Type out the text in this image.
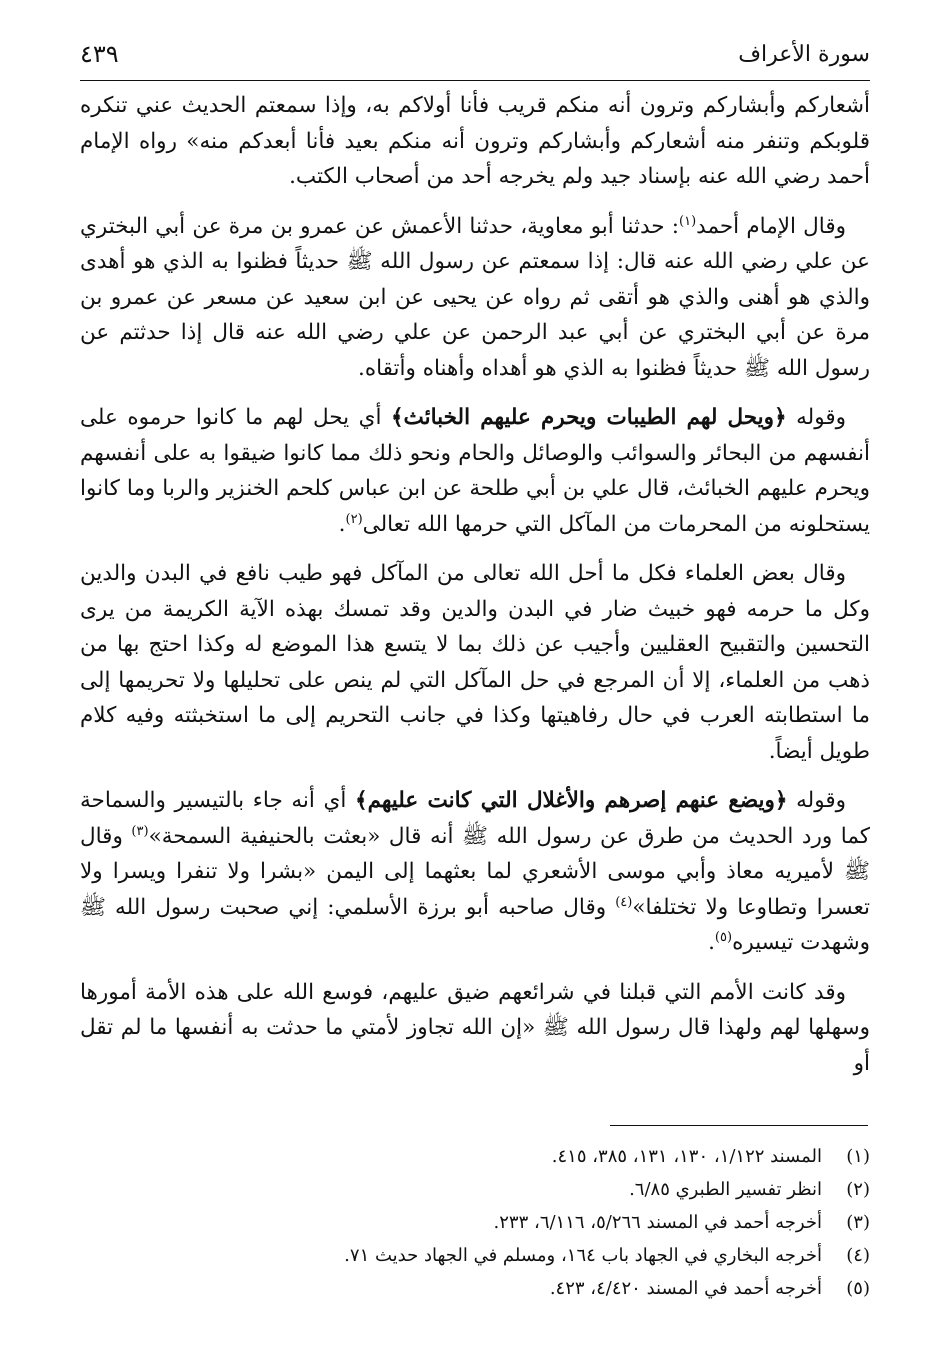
سورة الأعراف
٤٣٩

أشعاركم وأبشاركم وترون أنه منكم قريب فأنا أولاكم به، وإذا سمعتم الحديث عني تنكره قلوبكم وتنفر منه أشعاركم وأبشاركم وترون أنه منكم بعيد فأنا أبعدكم منه» رواه الإمام أحمد رضي الله عنه بإسناد جيد ولم يخرجه أحد من أصحاب الكتب.

وقال الإمام أحمد$^{(١)}$: حدثنا أبو معاوية، حدثنا الأعمش عن عمرو بن مرة عن أبي البختري عن علي رضي الله عنه قال: إذا سمعتم عن رسول الله ﷺ حديثاً فظنوا به الذي هو أهدى والذي هو أهنى والذي هو أتقى ثم رواه عن يحيى عن ابن سعيد عن مسعر عن عمرو بن مرة عن أبي البختري عن أبي عبد الرحمن عن علي رضي الله عنه قال إذا حدثتم عن رسول الله ﷺ حديثاً فظنوا به الذي هو أهداه وأهناه وأتقاه.

وقوله ﴿ويحل لهم الطيبات ويحرم عليهم الخبائث﴾ أي يحل لهم ما كانوا حرموه على أنفسهم من البحائر والسوائب والوصائل والحام ونحو ذلك مما كانوا ضيقوا به على أنفسهم ويحرم عليهم الخبائث، قال علي بن أبي طلحة عن ابن عباس كلحم الخنزير والربا وما كانوا يستحلونه من المحرمات من المآكل التي حرمها الله تعالى$^{(٢)}$.

وقال بعض العلماء فكل ما أحل الله تعالى من المآكل فهو طيب نافع في البدن والدين وكل ما حرمه فهو خبيث ضار في البدن والدين وقد تمسك بهذه الآية الكريمة من يرى التحسين والتقبيح العقليين وأجيب عن ذلك بما لا يتسع هذا الموضع له وكذا احتج بها من ذهب من العلماء، إلا أن المرجع في حل المآكل التي لم ينص على تحليلها ولا تحريمها إلى ما استطابته العرب في حال رفاهيتها وكذا في جانب التحريم إلى ما استخبثته وفيه كلام طويل أيضاً.

وقوله ﴿ويضع عنهم إصرهم والأغلال التي كانت عليهم﴾ أي أنه جاء بالتيسير والسماحة كما ورد الحديث من طرق عن رسول الله ﷺ أنه قال «بعثت بالحنيفية السمحة»$^{(٣)}$ وقال ﷺ لأميريه معاذ وأبي موسى الأشعري لما بعثهما إلى اليمن «بشرا ولا تنفرا ويسرا ولا تعسرا وتطاوعا ولا تختلفا»$^{(٤)}$ وقال صاحبه أبو برزة الأسلمي: إني صحبت رسول الله ﷺ وشهدت تيسيره$^{(٥)}$.

وقد كانت الأمم التي قبلنا في شرائعهم ضيق عليهم، فوسع الله على هذه الأمة أمورها وسهلها لهم ولهذا قال رسول الله ﷺ «إن الله تجاوز لأمتي ما حدثت به أنفسها ما لم تقل أو

(١)
المسند ١/١٢٢، ١٣٠، ١٣١، ٣٨٥، ٤١٥.
(٢)
انظر تفسير الطبري ٦/٨٥.
(٣)
أخرجه أحمد في المسند ٥/٢٦٦، ٦/١١٦، ٢٣٣.
(٤)
أخرجه البخاري في الجهاد باب ١٦٤، ومسلم في الجهاد حديث ٧١.
(٥)
أخرجه أحمد في المسند ٤/٤٢٠، ٤٢٣.
